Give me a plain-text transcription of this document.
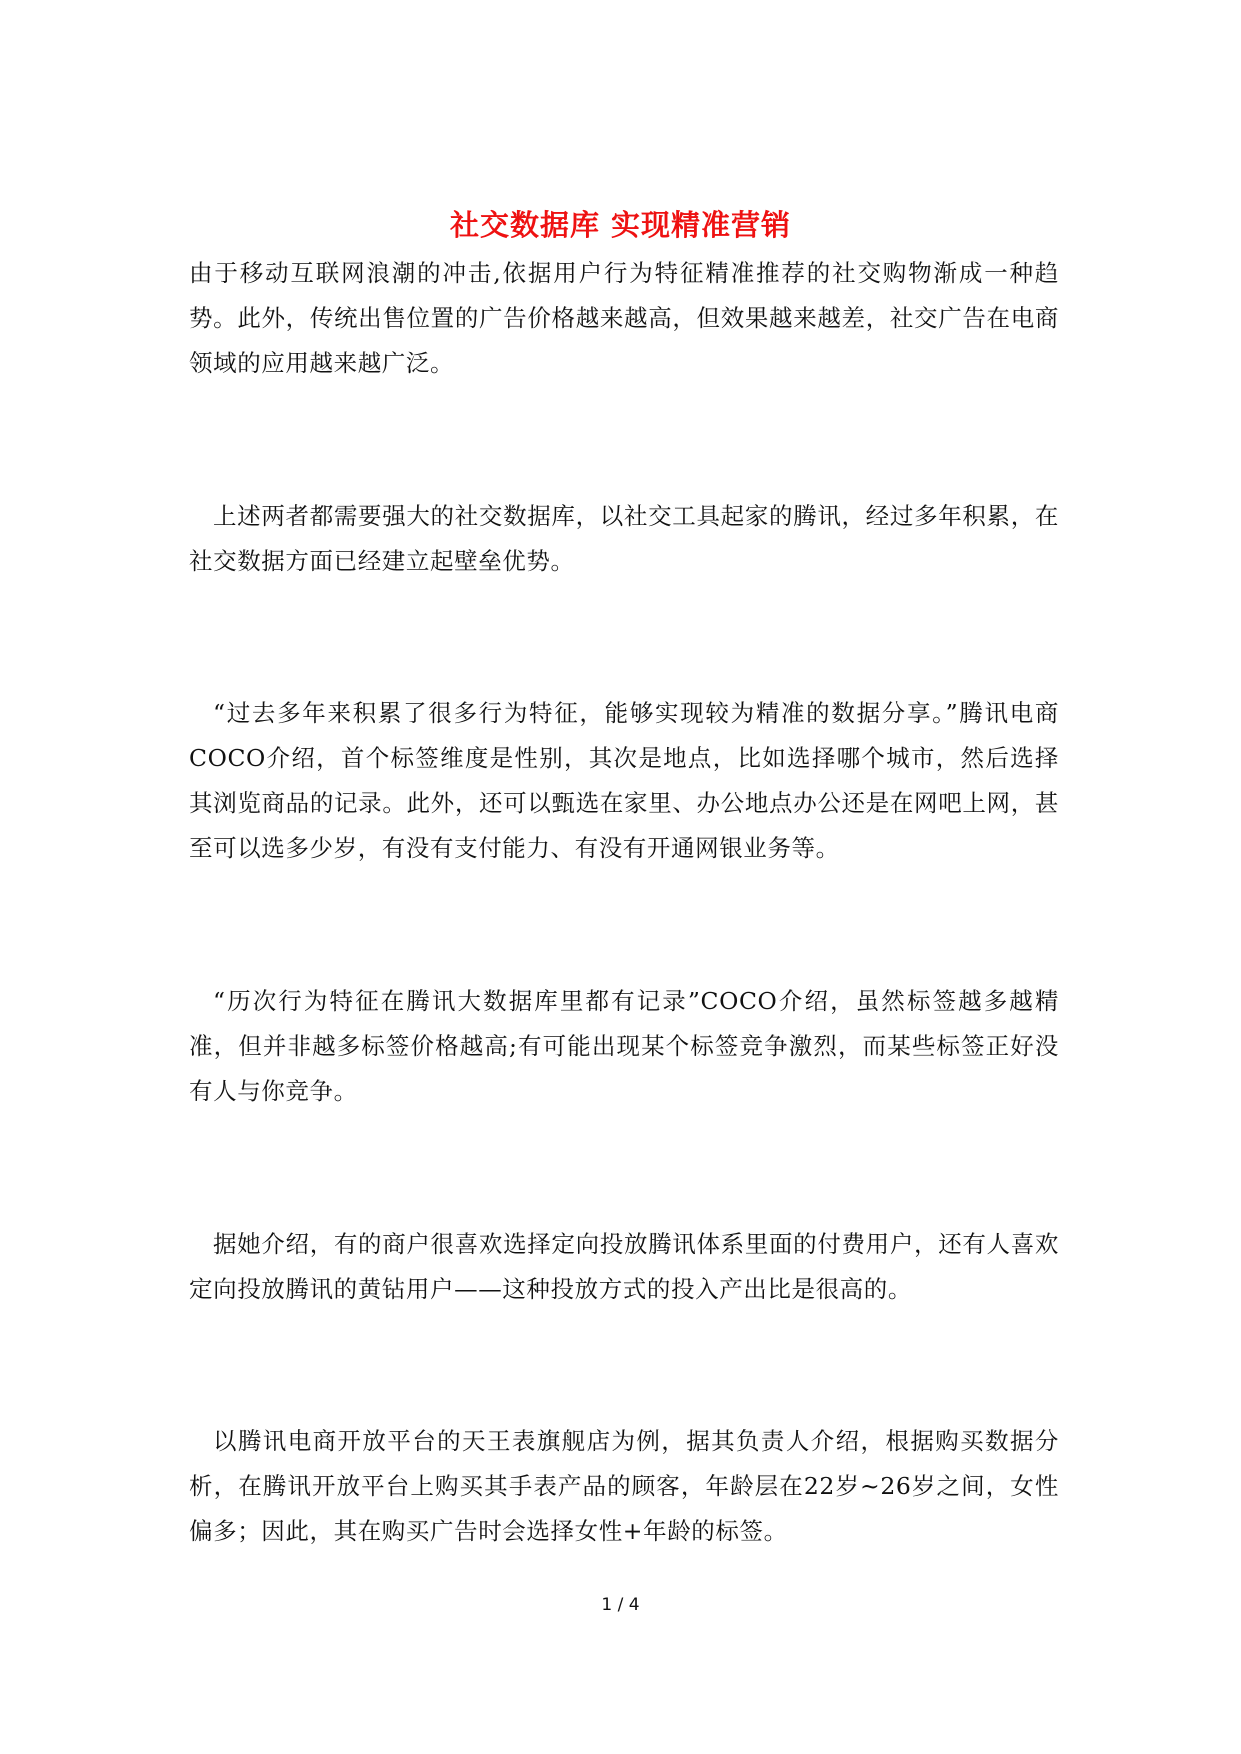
社交数据库 实现精准营销

由于移动互联网浪潮的冲击,依据用户行为特征精准推荐的社交购物渐成一种趋势。此外，传统出售位置的广告价格越来越高，但效果越来越差，社交广告在电商领域的应用越来越广泛。

上述两者都需要强大的社交数据库，以社交工具起家的腾讯，经过多年积累，在社交数据方面已经建立起壁垒优势。

“过去多年来积累了很多行为特征，能够实现较为精准的数据分享。”腾讯电商COCO介绍，首个标签维度是性别，其次是地点，比如选择哪个城市，然后选择其浏览商品的记录。此外，还可以甄选在家里、办公地点办公还是在网吧上网，甚至可以选多少岁，有没有支付能力、有没有开通网银业务等。

“历次行为特征在腾讯大数据库里都有记录”COCO介绍，虽然标签越多越精准，但并非越多标签价格越高;有可能出现某个标签竞争激烈，而某些标签正好没有人与你竞争。

据她介绍，有的商户很喜欢选择定向投放腾讯体系里面的付费用户，还有人喜欢定向投放腾讯的黄钻用户——这种投放方式的投入产出比是很高的。

以腾讯电商开放平台的天王表旗舰店为例，据其负责人介绍，根据购买数据分析，在腾讯开放平台上购买其手表产品的顾客，年龄层在22岁~26岁之间，女性偏多；因此，其在购买广告时会选择女性+年龄的标签。

1 / 4
